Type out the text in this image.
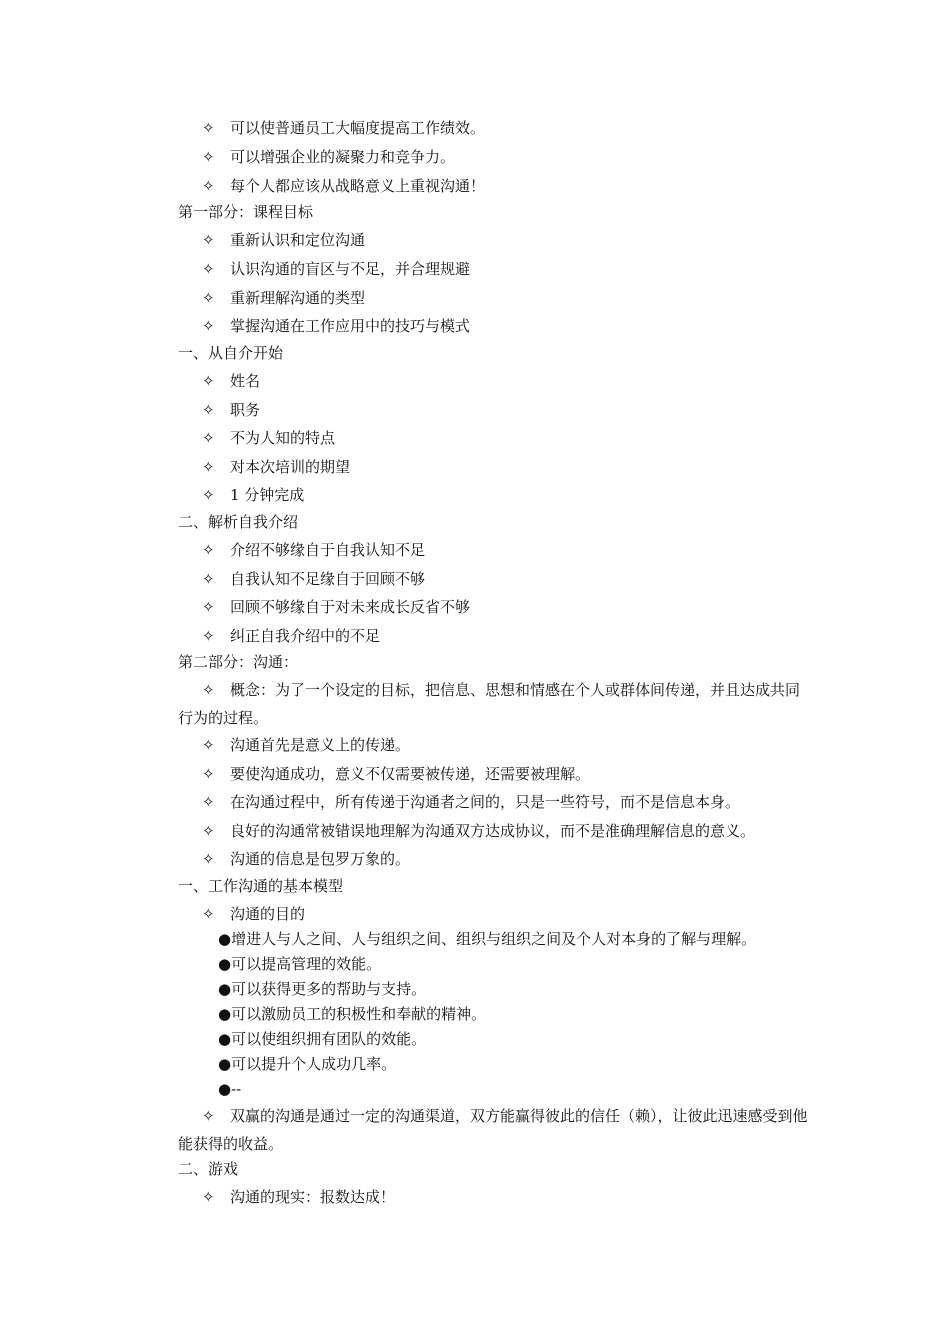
✧ 可以使普通员工大幅度提高工作绩效。
✧ 可以增强企业的凝聚力和竞争力。
✧ 每个人都应该从战略意义上重视沟通！
第一部分：课程目标
✧ 重新认识和定位沟通
✧ 认识沟通的盲区与不足，并合理规避
✧ 重新理解沟通的类型
✧ 掌握沟通在工作应用中的技巧与模式
一、从自介开始
✧ 姓名
✧ 职务
✧ 不为人知的特点
✧ 对本次培训的期望
✧ 1 分钟完成
二、解析自我介绍
✧ 介绍不够缘自于自我认知不足
✧ 自我认知不足缘自于回顾不够
✧ 回顾不够缘自于对未来成长反省不够
✧ 纠正自我介绍中的不足
第二部分：沟通：
✧ 概念：为了一个设定的目标，把信息、思想和情感在个人或群体间传递，并且达成共同行为的过程。
✧ 沟通首先是意义上的传递。
✧ 要使沟通成功，意义不仅需要被传递，还需要被理解。
✧ 在沟通过程中，所有传递于沟通者之间的，只是一些符号，而不是信息本身。
✧ 良好的沟通常被错误地理解为沟通双方达成协议，而不是准确理解信息的意义。
✧ 沟通的信息是包罗万象的。
一、工作沟通的基本模型
✧ 沟通的目的
●增进人与人之间、人与组织之间、组织与组织之间及个人对本身的了解与理解。
●可以提高管理的效能。
●可以获得更多的帮助与支持。
●可以激励员工的积极性和奉献的精神。
●可以使组织拥有团队的效能。
●可以提升个人成功几率。
●--
✧ 双赢的沟通是通过一定的沟通渠道，双方能赢得彼此的信任（赖），让彼此迅速感受到他能获得的收益。
二、游戏
✧ 沟通的现实：报数达成！
